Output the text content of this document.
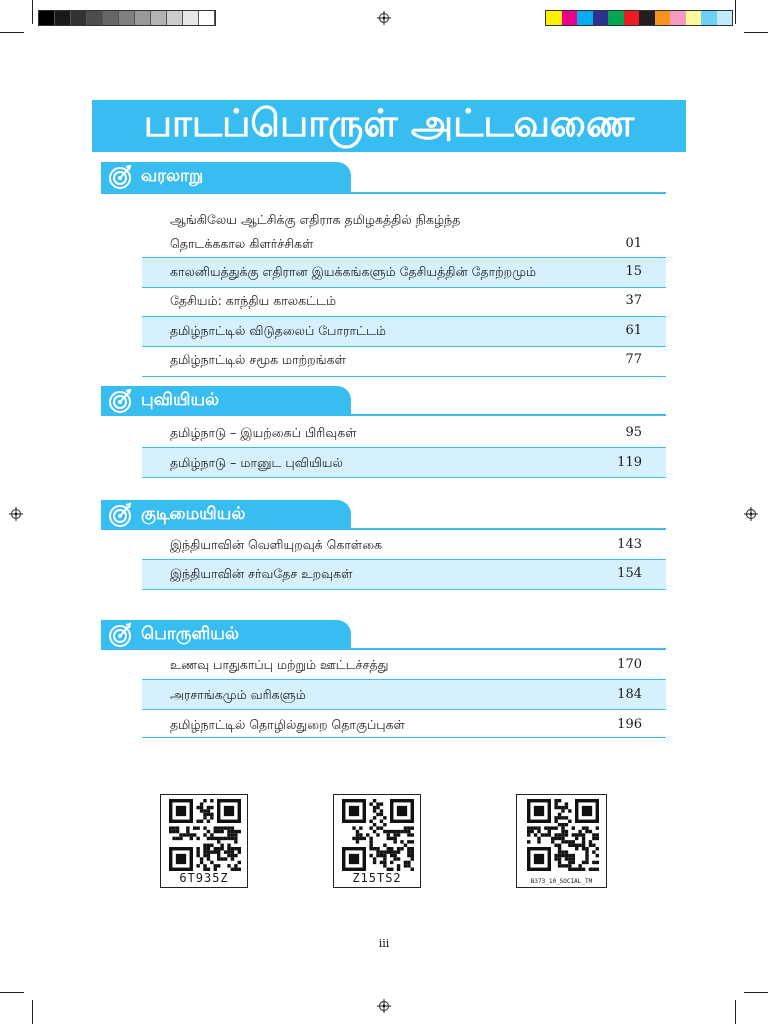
பாடப்பொருள் அட்டவணை
வரலாறு
ஆங்கிலேய ஆட்சிக்கு எதிராக தமிழகத்தில் நிகழ்ந்த
தொடக்ககால கிளர்ச்சிகள்	01
காலனியத்துக்கு எதிரான இயக்கங்களும் தேசியத்தின் தோற்றமும்	15
தேசியம்: காந்திய காலகட்டம்	37
தமிழ்நாட்டில் விடுதலைப் போராட்டம்	61
தமிழ்நாட்டில் சமூக மாற்றங்கள்	77
புவியியல்
தமிழ்நாடு – இயற்கைப் பிரிவுகள்	95
தமிழ்நாடு – மானுட புவியியல்	119
குடிமையியல்
இந்தியாவின் வெளியுறவுக் கொள்கை	143
இந்தியாவின் சர்வதேச உறவுகள்	154
பொருளியல்
உணவு பாதுகாப்பு மற்றும் ஊட்டச்சத்து	170
அரசாங்கமும் வரிகளும்	184
தமிழ்நாட்டில் தொழில்துறை தொகுப்புகள்	196
6T935Z	Z15TS2	B373_10_SOCIAL_TM
iii
